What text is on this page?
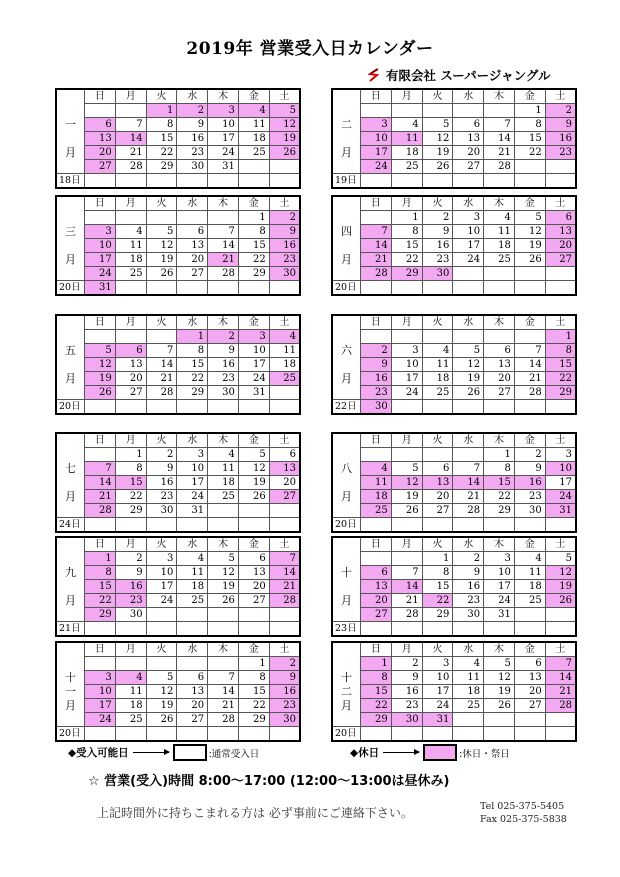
2019年 営業受入日カレンダー
有限会社 スーパージャングル
	日	月	火	水	木	金	土
			1	2	3	4	5
一	6	7	8	9	10	11	12
	13	14	15	16	17	18	19
月	20	21	22	23	24	25	26
	27	28	29	30	31		
18日							
	日	月	火	水	木	金	土
						1	2
二	3	4	5	6	7	8	9
	10	11	12	13	14	15	16
月	17	18	19	20	21	22	23
	24	25	26	27	28		
19日							
	日	月	火	水	木	金	土
						1	2
三	3	4	5	6	7	8	9
	10	11	12	13	14	15	16
月	17	18	19	20	21	22	23
	24	25	26	27	28	29	30
20日	31						
	日	月	火	水	木	金	土
		1	2	3	4	5	6
四	7	8	9	10	11	12	13
	14	15	16	17	18	19	20
月	21	22	23	24	25	26	27
	28	29	30				
20日							
	日	月	火	水	木	金	土
				1	2	3	4
五	5	6	7	8	9	10	11
	12	13	14	15	16	17	18
月	19	20	21	22	23	24	25
	26	27	28	29	30	31	
20日							
	日	月	火	水	木	金	土
							1
六	2	3	4	5	6	7	8
	9	10	11	12	13	14	15
月	16	17	18	19	20	21	22
	23	24	25	26	27	28	29
22日	30						
	日	月	火	水	木	金	土
		1	2	3	4	5	6
七	7	8	9	10	11	12	13
	14	15	16	17	18	19	20
月	21	22	23	24	25	26	27
	28	29	30	31			
24日							
	日	月	火	水	木	金	土
					1	2	3
八	4	5	6	7	8	9	10
	11	12	13	14	15	16	17
月	18	19	20	21	22	23	24
	25	26	27	28	29	30	31
20日							
	日	月	火	水	木	金	土
	1	2	3	4	5	6	7
九	8	9	10	11	12	13	14
	15	16	17	18	19	20	21
月	22	23	24	25	26	27	28
	29	30					
21日							
	日	月	火	水	木	金	土
			1	2	3	4	5
十	6	7	8	9	10	11	12
	13	14	15	16	17	18	19
月	20	21	22	23	24	25	26
	27	28	29	30	31		
23日							
	日	月	火	水	木	金	土
						1	2
十	3	4	5	6	7	8	9
一	10	11	12	13	14	15	16
月	17	18	19	20	21	22	23
	24	25	26	27	28	29	30
20日							
	日	月	火	水	木	金	土
	1	2	3	4	5	6	7
十	8	9	10	11	12	13	14
二	15	16	17	18	19	20	21
月	22	23	24	25	26	27	28
	29	30	31				
20日							
◆受入可能日	:通常受入日	◆休日	:休日・祭日
☆ 営業(受入)時間 8:00～17:00 (12:00～13:00は昼休み)
上記時間外に持ちこまれる方は 必ず事前にご連絡下さい。	Tel 025-375-5405
Fax 025-375-5838
